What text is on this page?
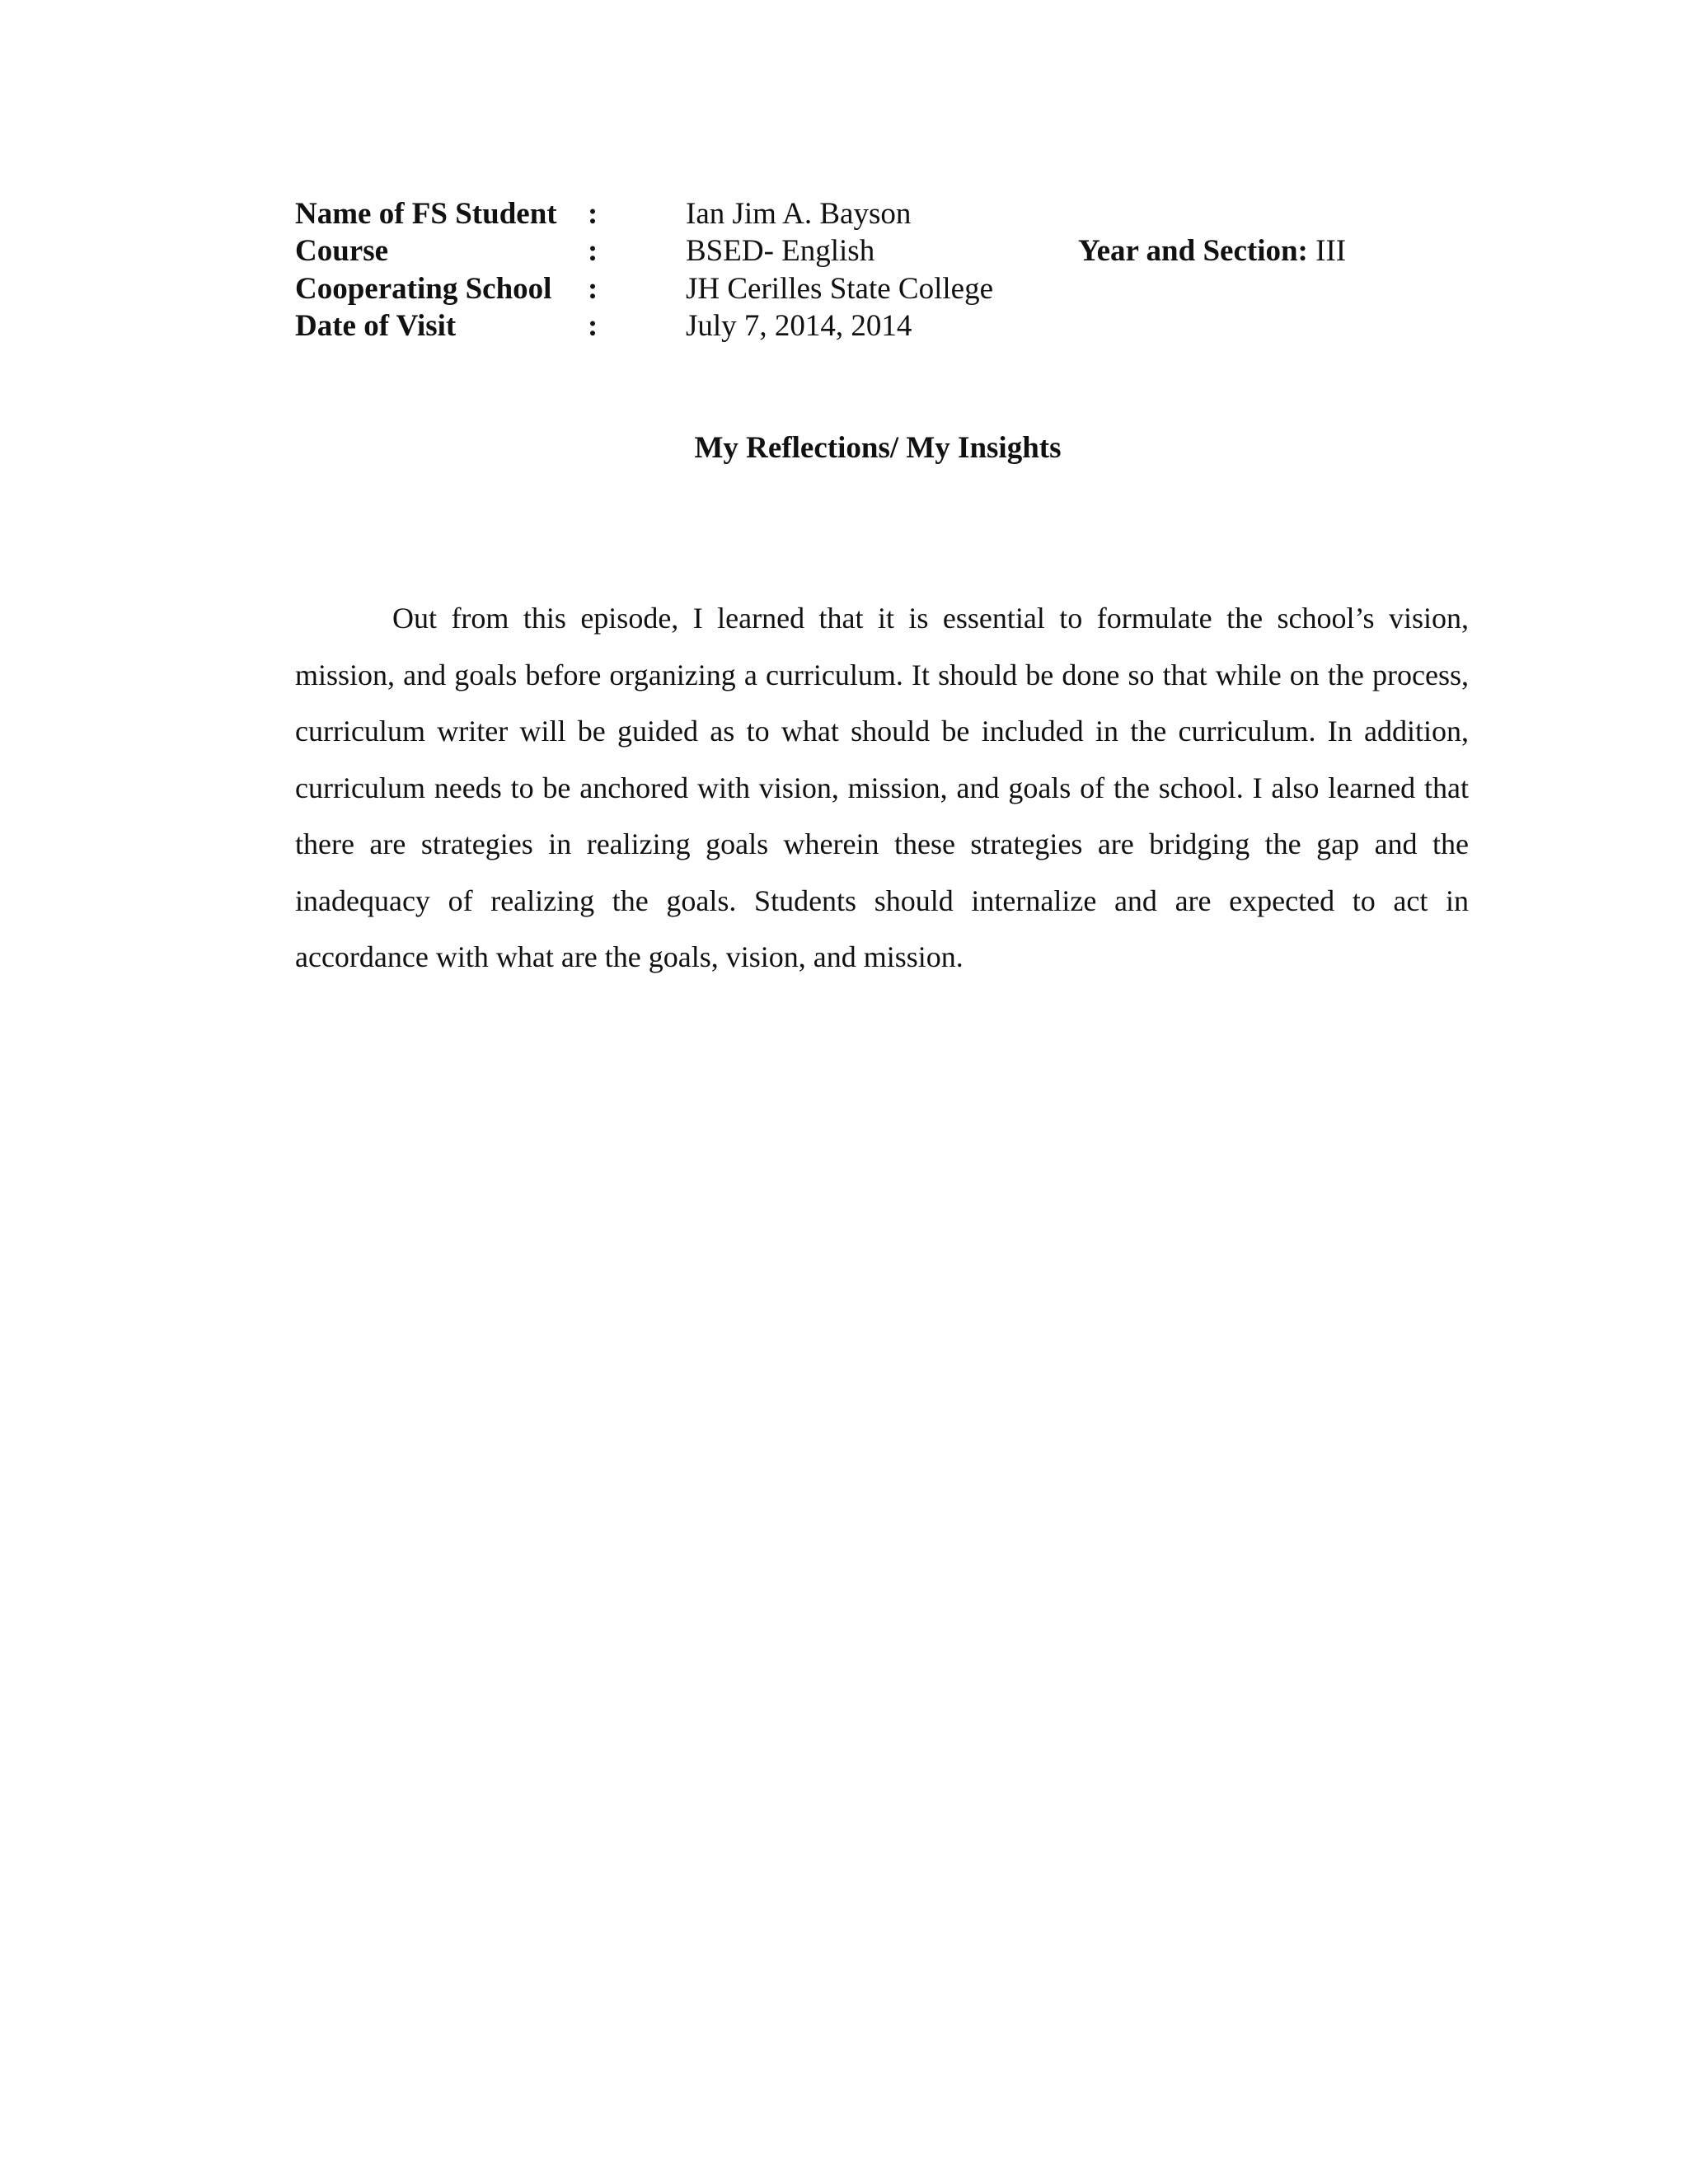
Name of FS Student :	Ian Jim A. Bayson
Course	:	BSED- English	Year and Section: III
Cooperating School :	JH Cerilles State College
Date of Visit	:	July 7, 2014, 2014
My Reflections/ My Insights

Out from this episode, I learned that it is essential to formulate the school’s vision, mission, and goals before organizing a curriculum. It should be done so that while on the process, curriculum writer will be guided as to what should be included in the curriculum. In addition, curriculum needs to be anchored with vision, mission, and goals of the school. I also learned that there are strategies in realizing goals wherein these strategies are bridging the gap and the inadequacy of realizing the goals. Students should internalize and are expected to act in accordance with what are the goals, vision, and mission.
